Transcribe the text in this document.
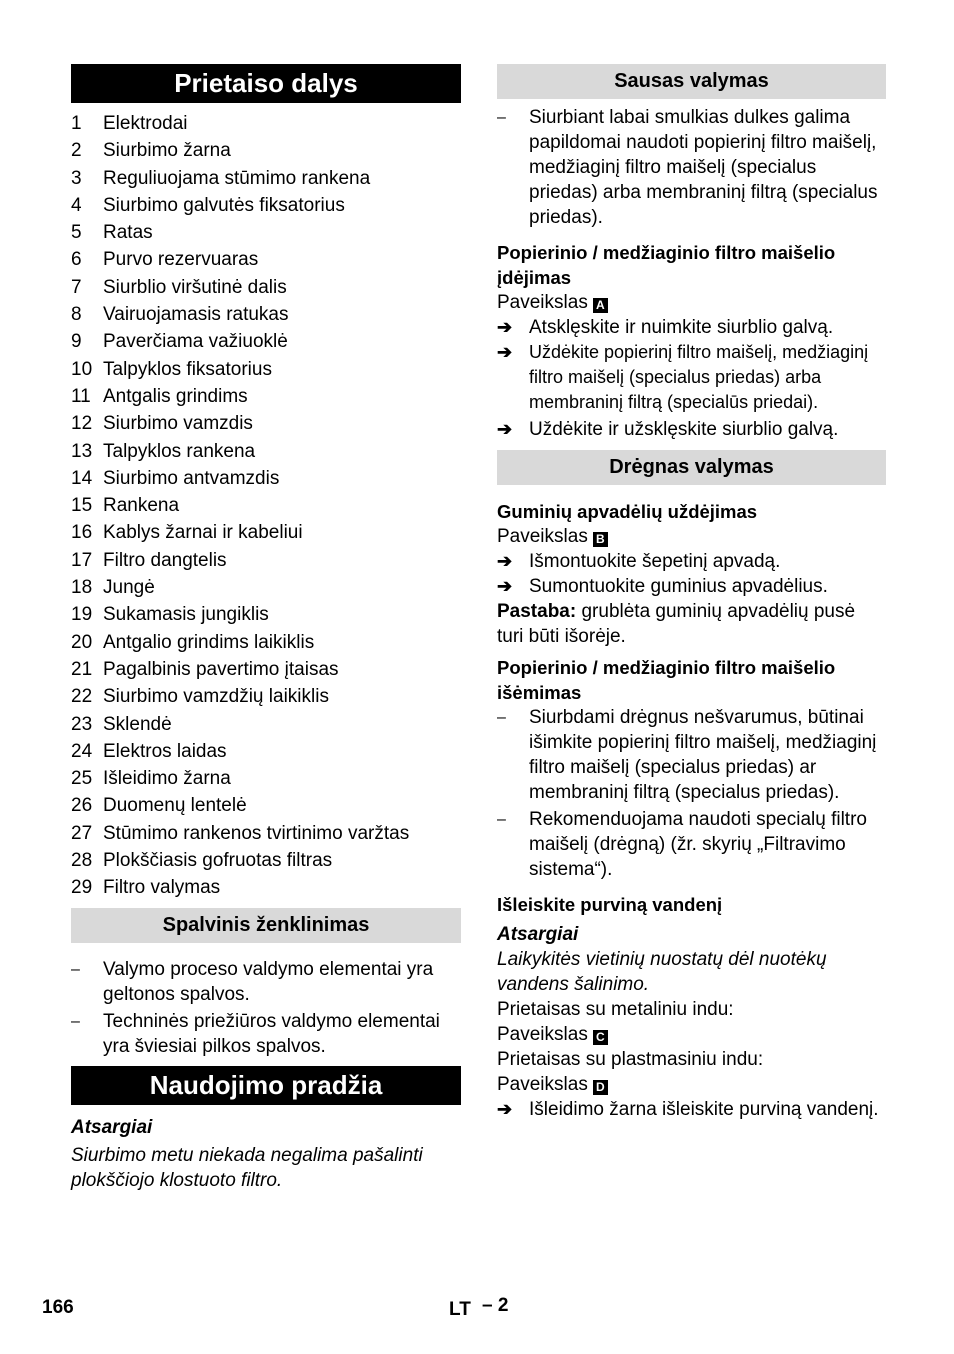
Prietaiso dalys
1 Elektrodai
2 Siurbimo žarna
3 Reguliuojama stūmimo rankena
4 Siurbimo galvutės fiksatorius
5 Ratas
6 Purvo rezervuaras
7 Siurblio viršutinė dalis
8 Vairuojamasis ratukas
9 Paverčiama važiuoklė
10 Talpyklos fiksatorius
11 Antgalis grindims
12 Siurbimo vamzdis
13 Talpyklos rankena
14 Siurbimo antvamzdis
15 Rankena
16 Kablys žarnai ir kabeliui
17 Filtro dangtelis
18 Jungė
19 Sukamasis jungiklis
20 Antgalio grindims laikiklis
21 Pagalbinis pavertimo įtaisas
22 Siurbimo vamzdžių laikiklis
23 Sklendė
24 Elektros laidas
25 Išleidimo žarna
26 Duomenų lentelė
27 Stūmimo rankenos tvirtinimo varžtas
28 Plokščiasis gofruotas filtras
29 Filtro valymas
Spalvinis ženklinimas
–	Valymo proceso valdymo elementai yra geltonos spalvos.
–	Techninės priežiūros valdymo elementai yra šviesiai pilkos spalvos.
Naudojimo pradžia
Atsargiai
Siurbimo metu niekada negalima pašalinti plokščiojo klostuoto filtro.
Sausas valymas
–	Siurbiant labai smulkias dulkes galima papildomai naudoti popierinį filtro maišelį, medžiaginį filtro maišelį (specialus priedas) arba membraninį filtrą (specialus priedas).
Popierinio / medžiaginio filtro maišelio įdėjimas
Paveikslas A
➔ Atsklęskite ir nuimkite siurblio galvą.
➔ Uždėkite popierinį filtro maišelį, medžiaginį filtro maišelį (specialus priedas) arba membraninį filtrą (specialūs priedai).
➔ Uždėkite ir užsklęskite siurblio galvą.
Drėgnas valymas
Guminių apvadėlių uždėjimas
Paveikslas B
➔ Išmontuokite šepetinį apvadą.
➔ Sumontuokite guminius apvadėlius.
Pastaba: grublėta guminių apvadėlių pusė turi būti išorėje.
Popierinio / medžiaginio filtro maišelio išėmimas
–	Siurbdami drėgnus nešvarumus, būtinai išimkite popierinį filtro maišelį, medžiaginį filtro maišelį (specialus priedas) ar membraninį filtrą (specialus priedas).
–	Rekomenduojama naudoti specialų filtro maišelį (drėgną) (žr. skyrių „Filtravimo sistema“).
Išleiskite purviną vandenį
Atsargiai
Laikykitės vietinių nuostatų dėl nuotėkų vandens šalinimo.
Prietaisas su metaliniu indu:
Paveikslas C
Prietaisas su plastmasiniu indu:
Paveikslas D
➔ Išleidimo žarna išleiskite purviną vandenį.
166	LT – 2
